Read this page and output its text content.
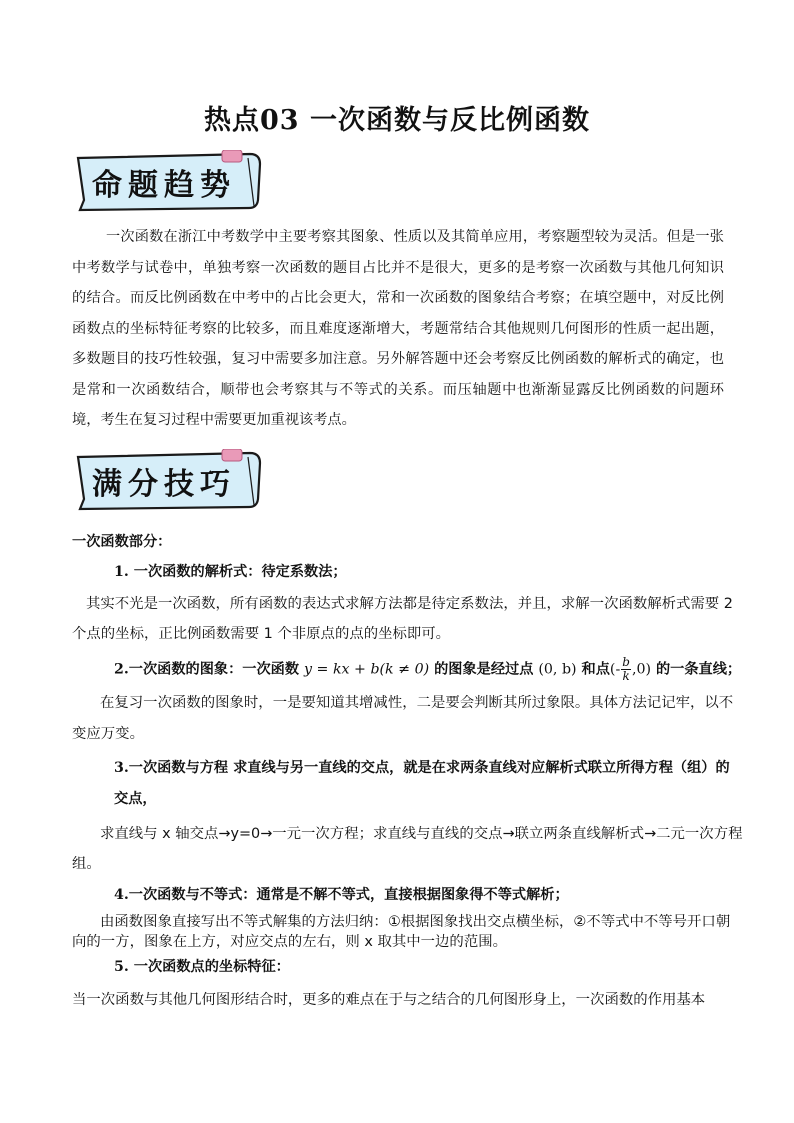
热点03 一次函数与反比例函数
命题趋势
一次函数在浙江中考数学中主要考察其图象、性质以及其简单应用，考察题型较为灵活。但是一张中考数学与试卷中，单独考察一次函数的题目占比并不是很大，更多的是考察一次函数与其他几何知识的结合。而反比例函数在中考中的占比会更大，常和一次函数的图象结合考察；在填空题中，对反比例函数点的坐标特征考察的比较多，而且难度逐渐增大，考题常结合其他规则几何图形的性质一起出题，多数题目的技巧性较强，复习中需要多加注意。另外解答题中还会考察反比例函数的解析式的确定，也是常和一次函数结合，顺带也会考察其与不等式的关系。而压轴题中也渐渐显露反比例函数的问题环境，考生在复习过程中需要更加重视该考点。
满分技巧
一次函数部分：
1. 一次函数的解析式：待定系数法；
其实不光是一次函数，所有函数的表达式求解方法都是待定系数法，并且，求解一次函数解析式需要 2
个点的坐标，正比例函数需要 1 个非原点的点的坐标即可。
2.一次函数的图象：一次函数 y = kx + b(k ≠ 0) 的图象是经过点 (0, b) 和点(- $\frac{b}{k} ,0$) 的一条直线；
在复习一次函数的图象时，一是要知道其增减性，二是要会判断其所过象限。具体方法记记牢，以不
变应万变。
3.一次函数与方程 求直线与另一直线的交点，就是在求两条直线对应解析式联立所得方程（组）的
交点，
求直线与 x 轴交点→y=0→一元一次方程；求直线与直线的交点→联立两条直线解析式→二元一次方程
组。
4.一次函数与不等式：通常是不解不等式，直接根据图象得不等式解析；
由函数图象直接写出不等式解集的方法归纳：①根据图象找出交点横坐标，②不等式中不等号开口朝
向的一方，图象在上方，对应交点的左右，则 x 取其中一边的范围。
5. 一次函数点的坐标特征：
当一次函数与其他几何图形结合时，更多的难点在于与之结合的几何图形身上，一次函数的作用基本
